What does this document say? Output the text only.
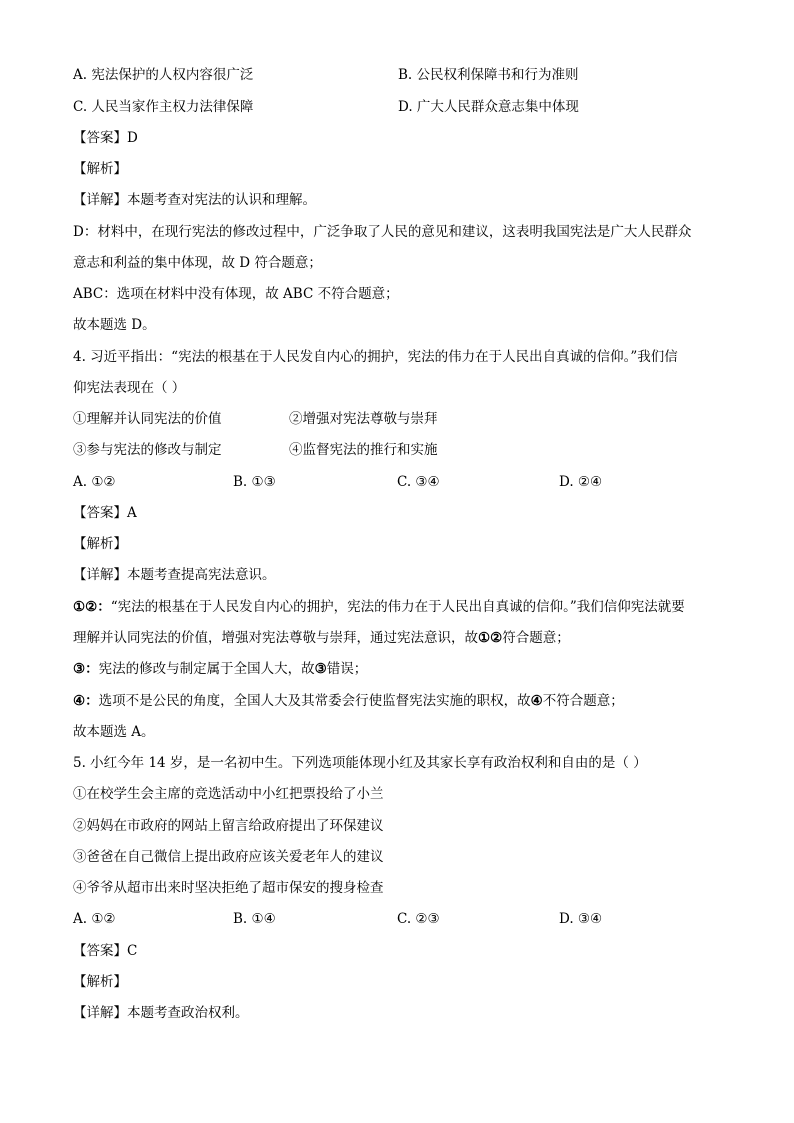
A. 宪法保护的人权内容很广泛	B. 公民权利保障书和行为准则
C. 人民当家作主权力法律保障	D. 广大人民群众意志集中体现
【答案】D
【解析】
【详解】本题考查对宪法的认识和理解。
D：材料中，在现行宪法的修改过程中，广泛争取了人民的意见和建议，这表明我国宪法是广大人民群众
意志和利益的集中体现，故 D 符合题意；
ABC：选项在材料中没有体现，故 ABC 不符合题意；
故本题选 D。
4. 习近平指出：“宪法的根基在于人民发自内心的拥护，宪法的伟力在于人民出自真诚的信仰。”我们信
仰宪法表现在（ ）
①理解并认同宪法的价值	②增强对宪法尊敬与崇拜
③参与宪法的修改与制定	④监督宪法的推行和实施
A. ①②	B. ①③	C. ③④	D. ②④
【答案】A
【解析】
【详解】本题考查提高宪法意识。
①②：“宪法的根基在于人民发自内心的拥护，宪法的伟力在于人民出自真诚的信仰。”我们信仰宪法就要
理解并认同宪法的价值，增强对宪法尊敬与崇拜，通过宪法意识，故①②符合题意；
③：宪法的修改与制定属于全国人大，故③错误；
④：选项不是公民的角度，全国人大及其常委会行使监督宪法实施的职权，故④不符合题意；
故本题选 A。
5. 小红今年 14 岁，是一名初中生。下列选项能体现小红及其家长享有政治权利和自由的是（ ）
①在校学生会主席的竞选活动中小红把票投给了小兰
②妈妈在市政府的网站上留言给政府提出了环保建议
③爸爸在自己微信上提出政府应该关爱老年人的建议
④爷爷从超市出来时坚决拒绝了超市保安的搜身检查
A. ①②	B. ①④	C. ②③	D. ③④
【答案】C
【解析】
【详解】本题考查政治权利。
